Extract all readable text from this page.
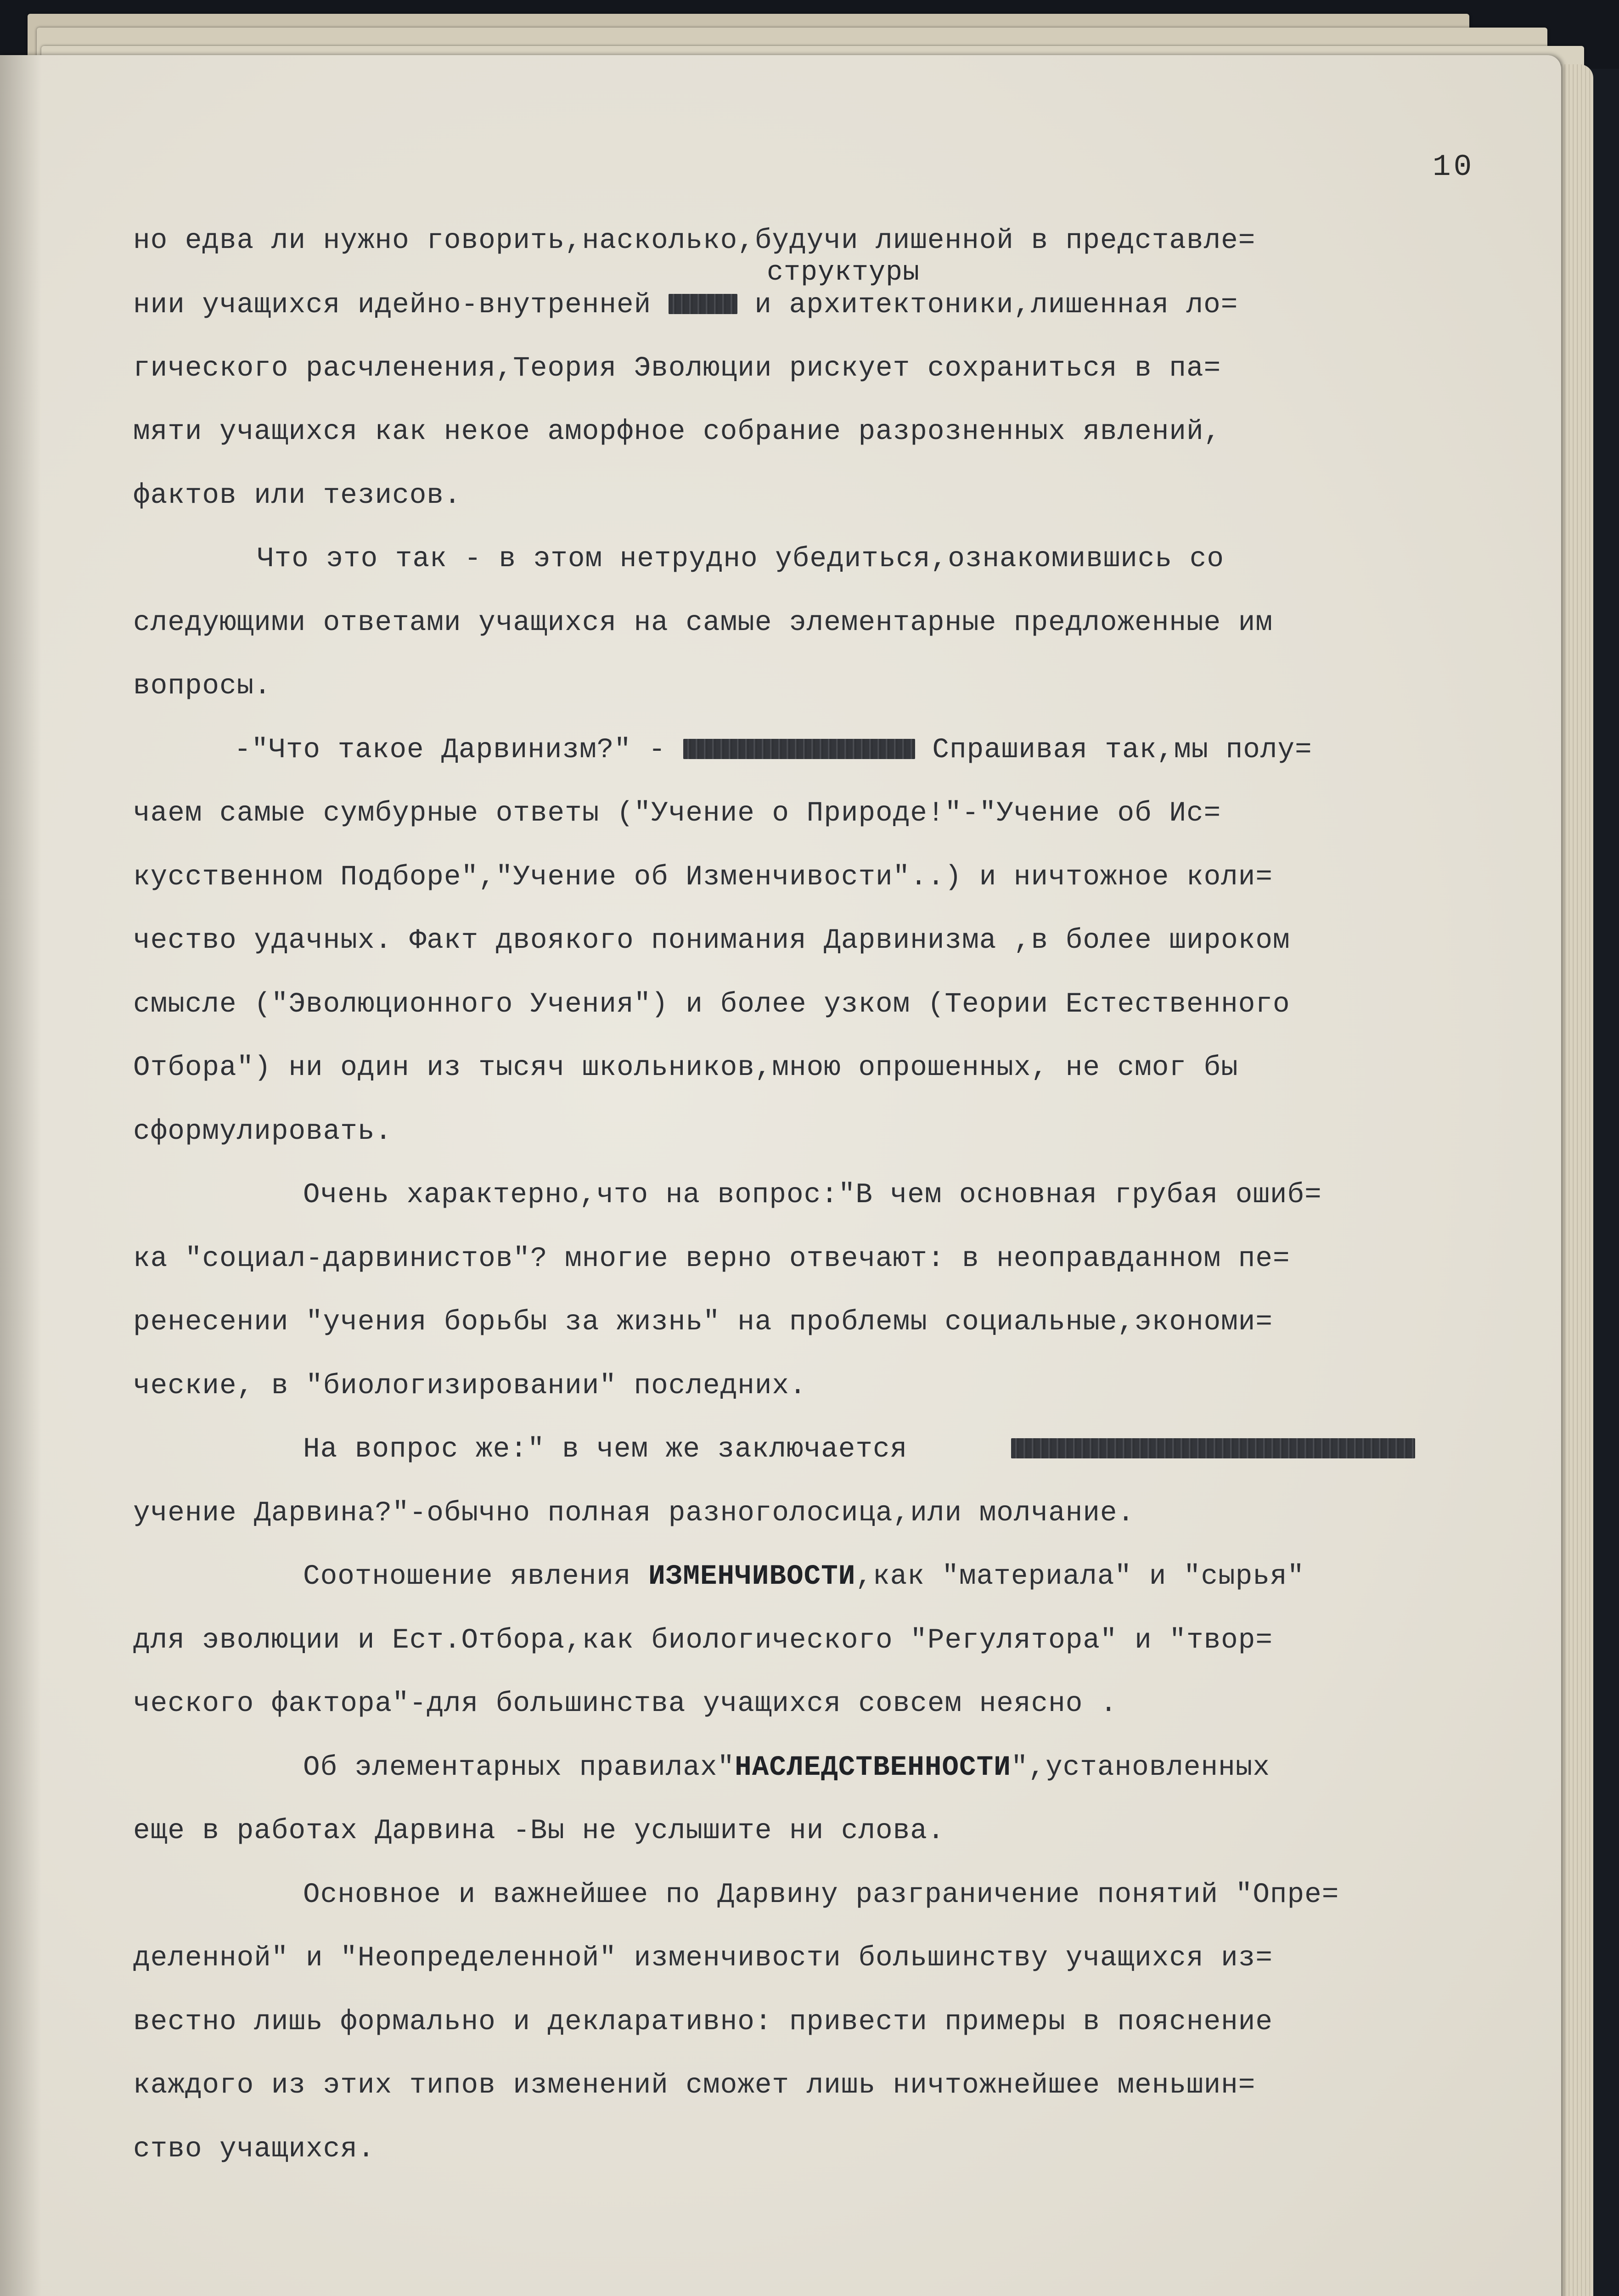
10
структуры

но едва ли нужно говорить,насколько,будучи лишенной в представле=

нии учащихся идейно-внутренней	и архитектоники,лишенная ло=

гического расчленения,Теория Эволюции рискует сохраниться в па=

мяти учащихся как некое аморфное собрание разрозненных явлений,

фактов или тезисов.

Что это так - в этом нетрудно убедиться,ознакомившись со

следующими ответами учащихся на самые элементарные предложенные им

вопросы.

-"Что такое Дарвинизм?" -	Спрашивая так,мы полу=

чаем самые сумбурные ответы ("Учение о Природе!"-"Учение об Ис=

кусственном Подборе","Учение об Изменчивости"..) и ничтожное коли=

чество удачных. Факт двоякого понимания Дарвинизма ,в более широком

смысле ("Эволюционного Учения") и более узком (Теории Естественного

Отбора") ни один из тысяч школьников,мною опрошенных, не смог бы

сформулировать.

Очень характерно,что на вопрос:"В чем основная грубая ошиб=

ка "социал-дарвинистов"? многие верно отвечают: в неоправданном пе=

ренесении "учения борьбы за жизнь" на проблемы социальные,экономи=

ческие, в "биологизировании" последних.

На вопрос же:" в чем же заключается

учение Дарвина?"-обычно полная разноголосица,или молчание.

Соотношение явления ИЗМЕНЧИВОСТИ,как "материала" и "сырья"

для эволюции и Ест.Отбора,как биологического "Регулятора" и "твор=

ческого фактора"-для большинства учащихся совсем неясно .

Об элементарных правилах"НАСЛЕДСТВЕННОСТИ",установленных

еще в работах Дарвина -Вы не услышите ни слова.

Основное и важнейшее по Дарвину разграничение понятий "Опре=

деленной" и "Неопределенной" изменчивости большинству учащихся из=

вестно лишь формально и декларативно: привести примеры в пояснение

каждого из этих типов изменений сможет лишь ничтожнейшее меньшин=

ство учащихся.
